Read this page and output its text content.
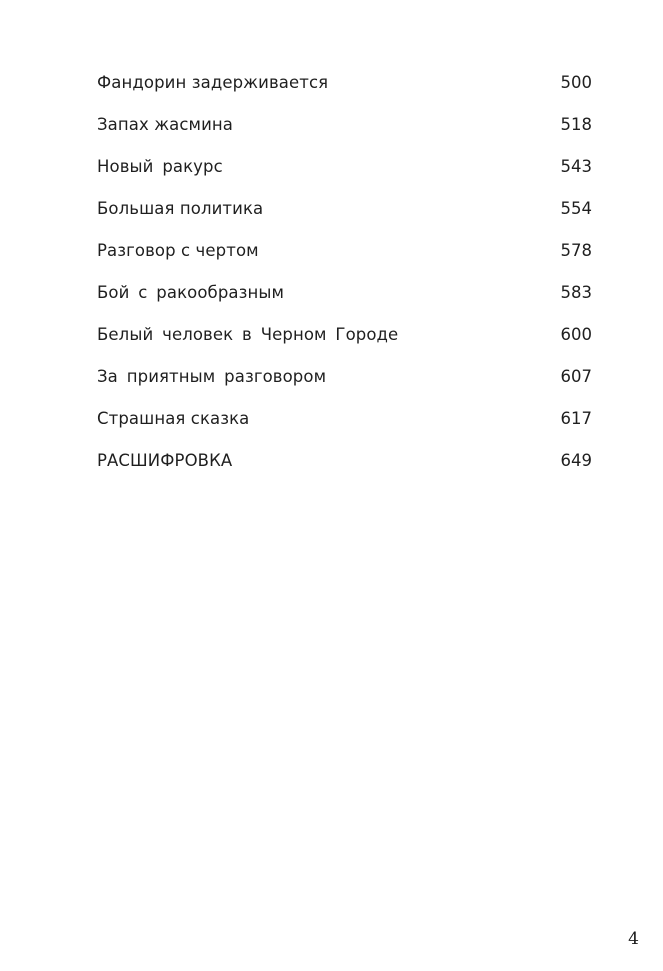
Фандорин задерживается .....	500
Запах жасмина .....	518
Новый ракурс .....	543
Большая политика .....	554
Разговор с чертом .....	578
Бой с ракообразным .....	583
Белый человек в Черном Городе .....	600
За приятным разговором .....	607
Страшная сказка .....	617
РАСШИФРОВКА .....	649
4
